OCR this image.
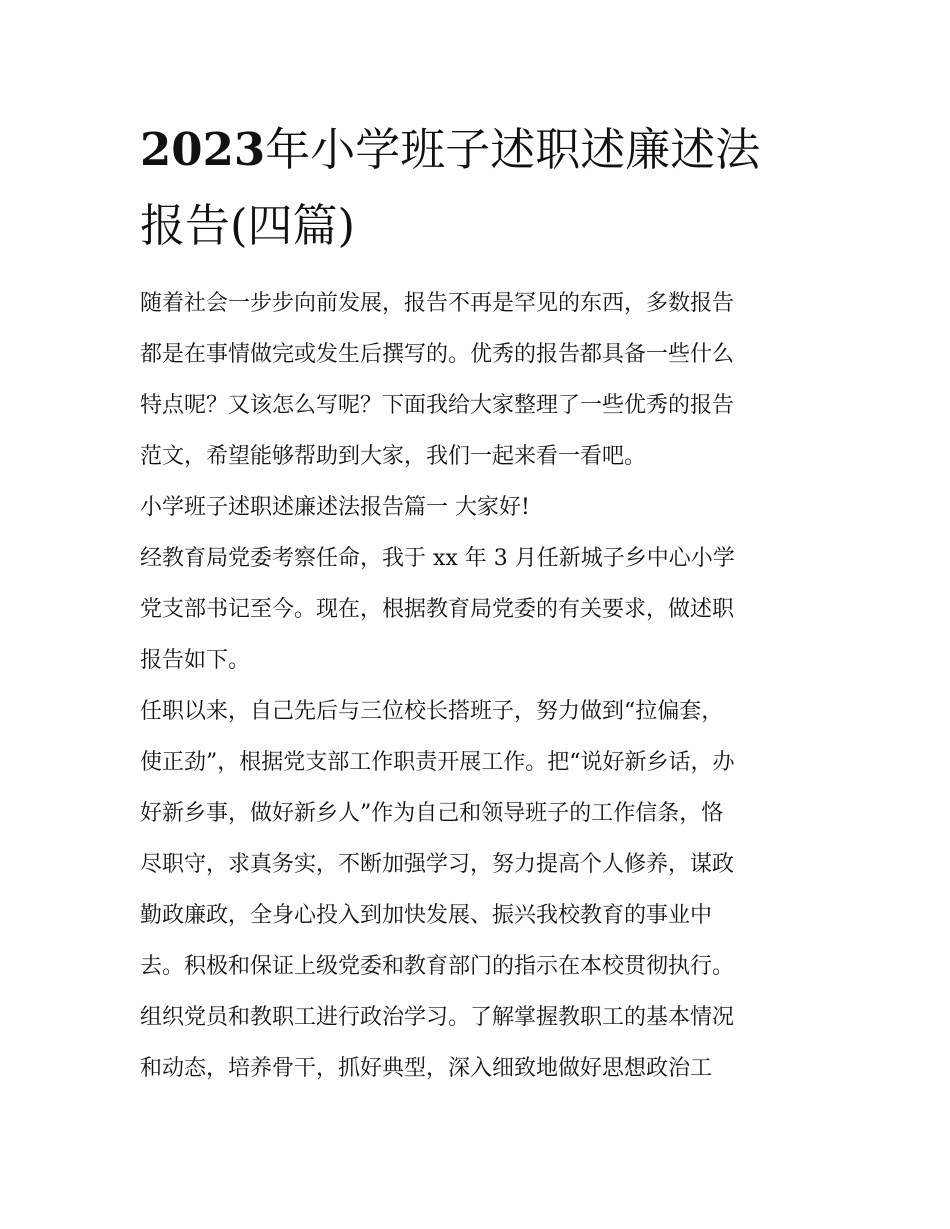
2023年小学班子述职述廉述法
报告(四篇)
随着社会一步步向前发展，报告不再是罕见的东西，多数报告
都是在事情做完或发生后撰写的。优秀的报告都具备一些什么
特点呢？又该怎么写呢？下面我给大家整理了一些优秀的报告
范文，希望能够帮助到大家，我们一起来看一看吧。
小学班子述职述廉述法报告篇一 大家好!
经教育局党委考察任命，我于 xx 年 3 月任新城子乡中心小学
党支部书记至今。现在，根据教育局党委的有关要求，做述职
报告如下。
任职以来，自己先后与三位校长搭班子，努力做到“拉偏套，
使正劲”，根据党支部工作职责开展工作。把“说好新乡话，办
好新乡事，做好新乡人”作为自己和领导班子的工作信条，恪
尽职守，求真务实，不断加强学习，努力提高个人修养，谋政
勤政廉政，全身心投入到加快发展、振兴我校教育的事业中
去。积极和保证上级党委和教育部门的指示在本校贯彻执行。
组织党员和教职工进行政治学习。了解掌握教职工的基本情况
和动态，培养骨干，抓好典型，深入细致地做好思想政治工
